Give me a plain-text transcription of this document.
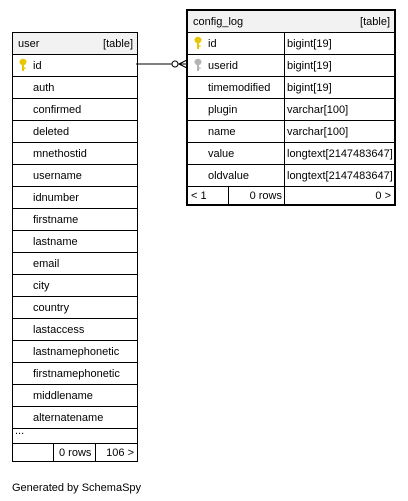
user	[table]
id
auth
confirmed
deleted
mnethostid
username
idnumber
firstname
lastname
email
city
country
lastaccess
lastnamephonetic
firstnamephonetic
middlename
alternatename
...
0 rows 106 >
config_log	[table]
id	bigint[19]
userid	bigint[19]
timemodified bigint[19]
plugin	varchar[100]
name	varchar[100]
value	longtext[2147483647]
oldvalue	longtext[2147483647]
< 1	0 rows	0 >
Generated by SchemaSpy
